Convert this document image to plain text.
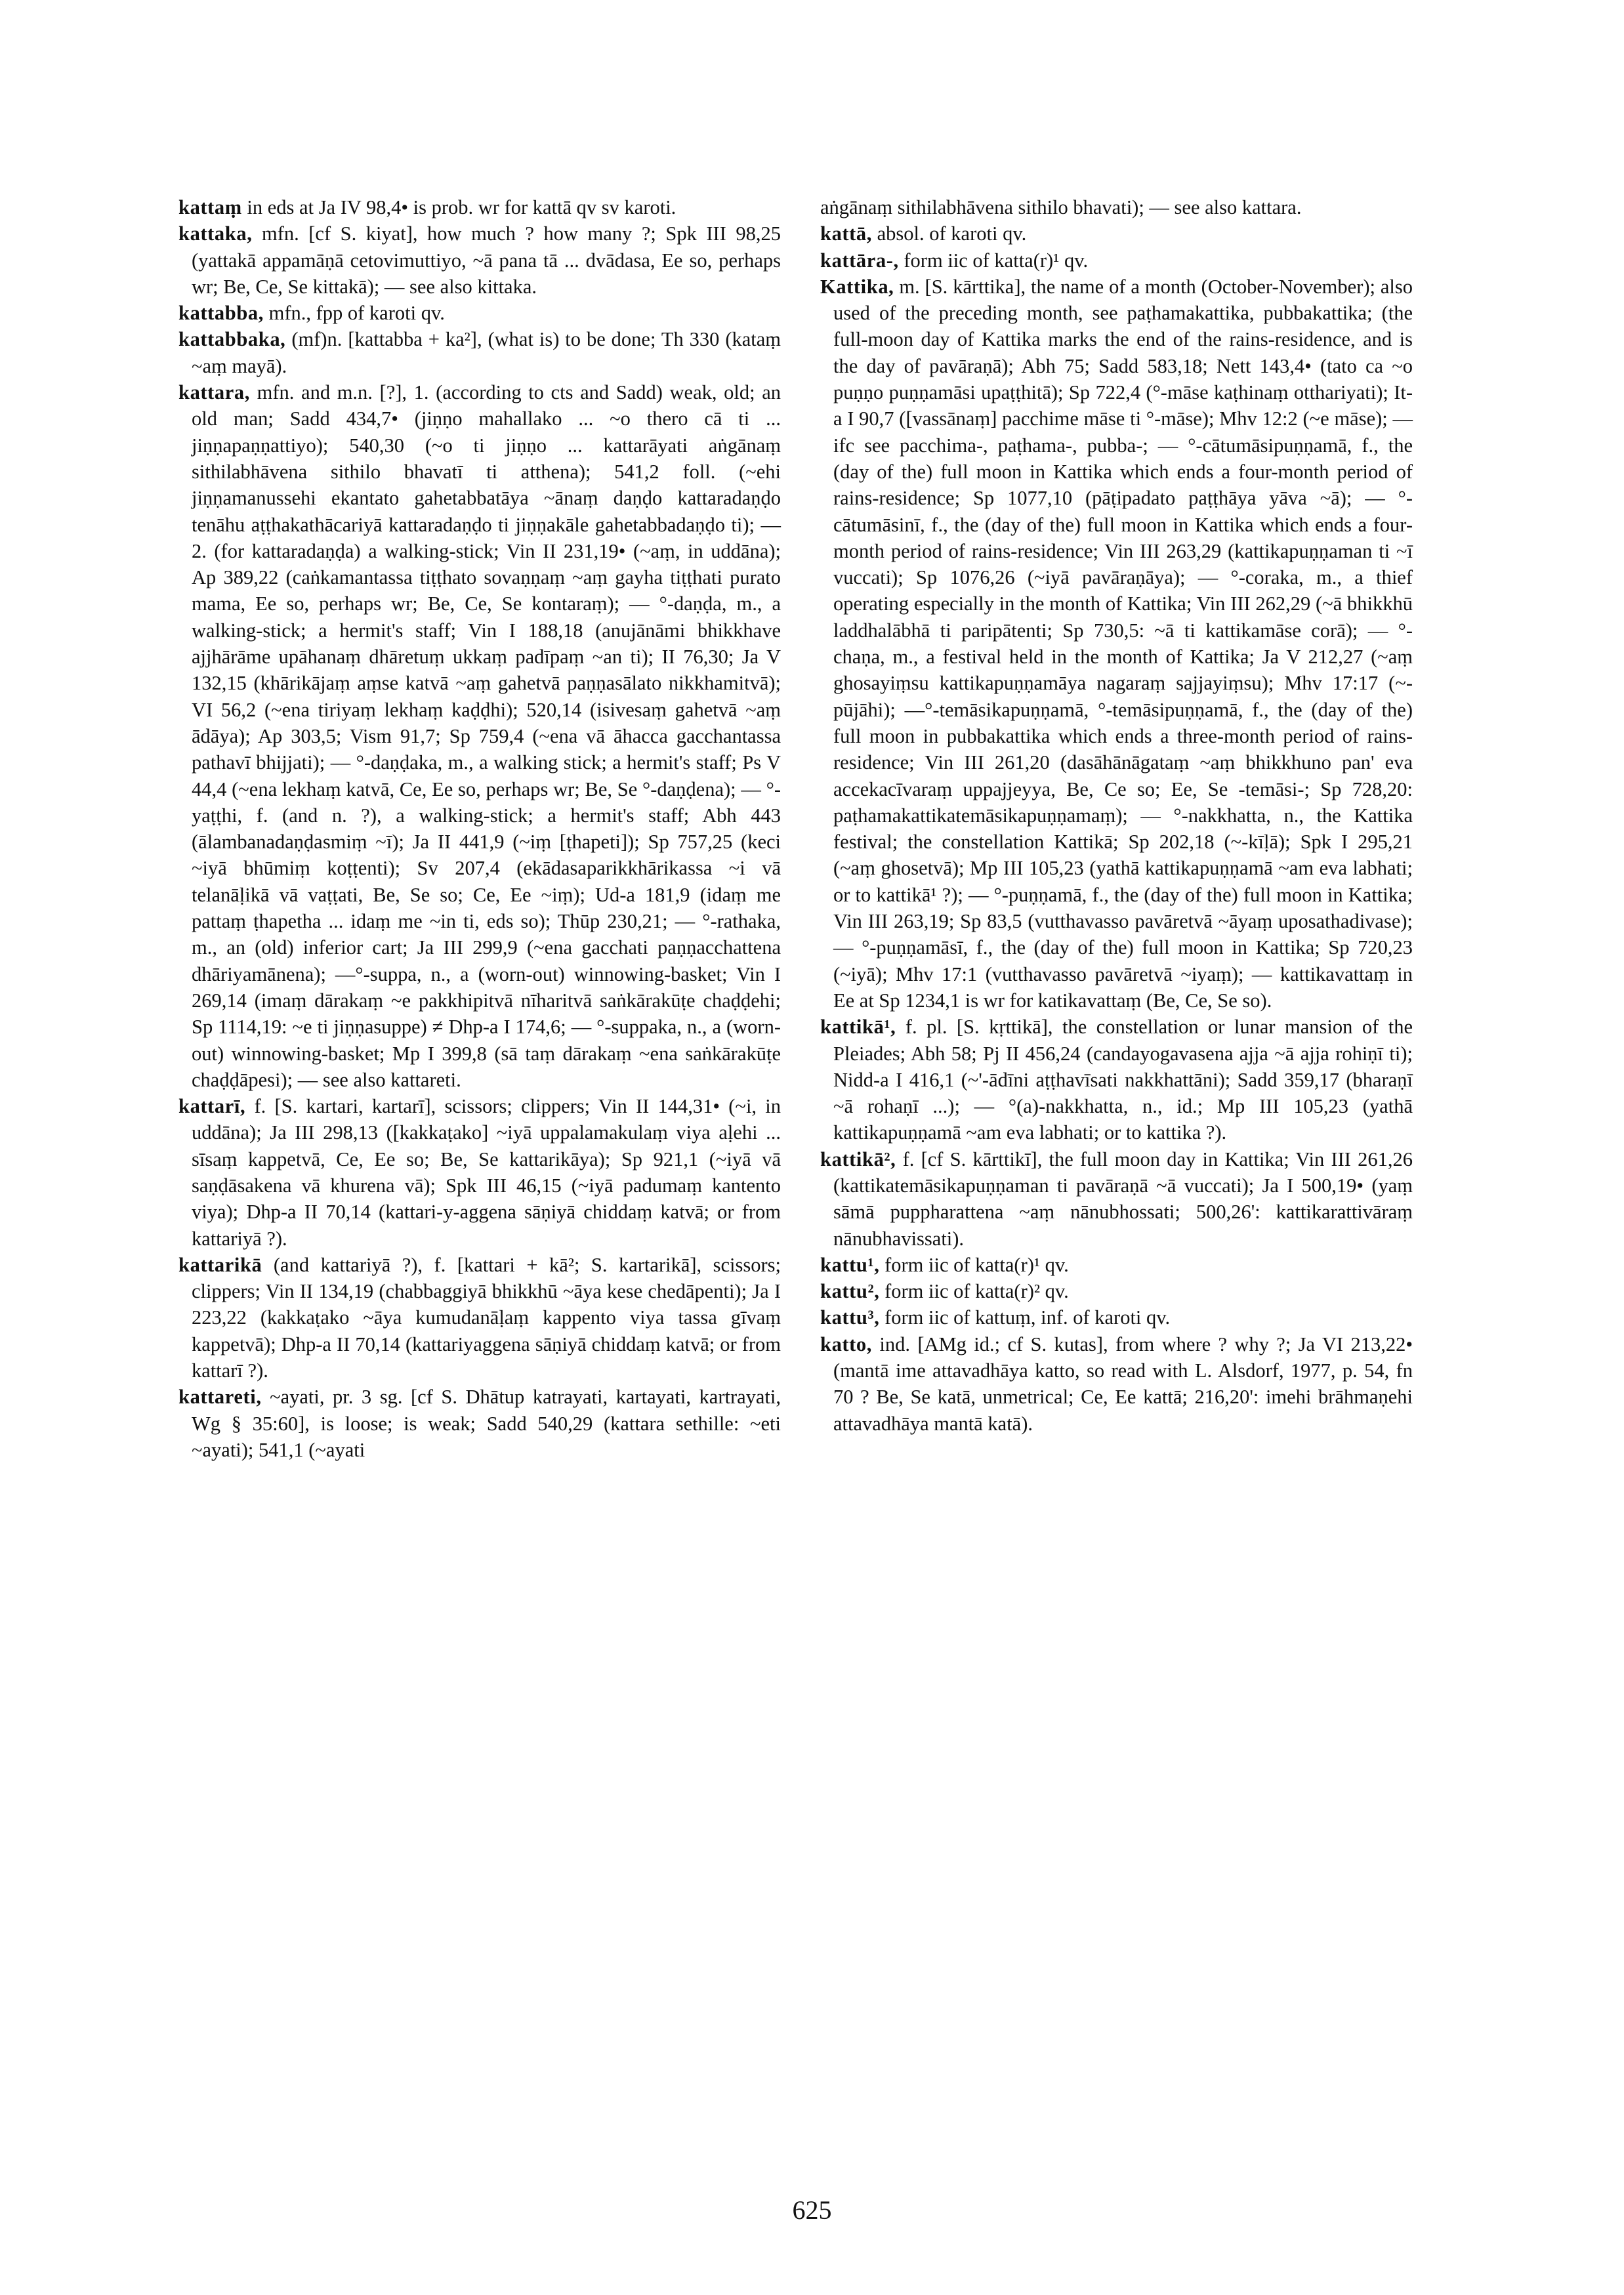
kattaṃ in eds at Ja IV 98,4• is prob. wr for kattā qv sv karoti.

kattaka, mfn. [cf S. kiyat], how much ? how many ?; Spk III 98,25 (yattakā appamāṇā cetovimuttiyo, ~ā pana tā ... dvādasa, Ee so, perhaps wr; Be, Ce, Se kittakā); — see also kittaka.

kattabba, mfn., fpp of karoti qv.

kattabbaka, (mf)n. [kattabba + ka²], (what is) to be done; Th 330 (kataṃ ~aṃ mayā).

kattara, mfn. and m.n. [?], 1. (according to cts and Sadd) weak, old; an old man; Sadd 434,7• (jiṇṇo mahallako ... ~o thero cā ti ... jiṇṇapaṇṇattiyo); 540,30 (~o ti jiṇṇo ... kattarāyati aṅgānaṃ sithilabhāvena sithilo bhavatī ti atthena); 541,2 foll. (~ehi jiṇṇamanussehi ekantato gahetabbatāya ~ānaṃ daṇḍo kattaradaṇḍo tenāhu aṭṭhakathācariyā kattaradaṇḍo ti jiṇṇakāle gahetabbadaṇḍo ti); — 2. (for kattaradaṇḍa) a walking-stick; Vin II 231,19• (~aṃ, in uddāna); Ap 389,22 (caṅkamantassa tiṭṭhato sovaṇṇaṃ ~aṃ gayha tiṭṭhati purato mama, Ee so, perhaps wr; Be, Ce, Se kontaraṃ); — °-daṇḍa, m., a walking-stick; a hermit's staff; Vin I 188,18 (anujānāmi bhikkhave ajjhārāme upāhanaṃ dhāretuṃ ukkaṃ padīpaṃ ~an ti); II 76,30; Ja V 132,15 (khārikājaṃ aṃse katvā ~aṃ gahetvā paṇṇasālato nikkhamitvā); VI 56,2 (~ena tiriyaṃ lekhaṃ kaḍḍhi); 520,14 (isivesaṃ gahetvā ~aṃ ādāya); Ap 303,5; Vism 91,7; Sp 759,4 (~ena vā āhacca gacchantassa pathavī bhijjati); — °-daṇḍaka, m., a walking stick; a hermit's staff; Ps V 44,4 (~ena lekhaṃ katvā, Ce, Ee so, perhaps wr; Be, Se °-daṇḍena); — °-yaṭṭhi, f. (and n. ?), a walking-stick; a hermit's staff; Abh 443 (ālambanadaṇḍasmiṃ ~ī); Ja II 441,9 (~iṃ [ṭhapeti]); Sp 757,25 (keci ~iyā bhūmiṃ koṭṭenti); Sv 207,4 (ekādasaparikkhārikassa ~i vā telanāḷikā vā vaṭṭati, Be, Se so; Ce, Ee ~iṃ); Ud-a 181,9 (idaṃ me pattaṃ ṭhapetha ... idaṃ me ~in ti, eds so); Thūp 230,21; — °-rathaka, m., an (old) inferior cart; Ja III 299,9 (~ena gacchati paṇṇacchattena dhāriyamānena); —°-suppa, n., a (worn-out) winnowing-basket; Vin I 269,14 (imaṃ dārakaṃ ~e pakkhipitvā nīharitvā saṅkārakūṭe chaḍḍehi; Sp 1114,19: ~e ti jiṇṇasuppe) ≠ Dhp-a I 174,6; — °-suppaka, n., a (worn-out) winnowing-basket; Mp I 399,8 (sā taṃ dārakaṃ ~ena saṅkārakūṭe chaḍḍāpesi); — see also kattareti.

kattarī, f. [S. kartari, kartarī], scissors; clippers; Vin II 144,31• (~i, in uddāna); Ja III 298,13 ([kakkaṭako] ~iyā uppalamakulaṃ viya aḷehi ... sīsaṃ kappetvā, Ce, Ee so; Be, Se kattarikāya); Sp 921,1 (~iyā vā saṇḍāsakena vā khurena vā); Spk III 46,15 (~iyā padumaṃ kantento viya); Dhp-a II 70,14 (kattari-y-aggena sāṇiyā chiddaṃ katvā; or from kattariyā ?).

kattarikā (and kattariyā ?), f. [kattari + kā²; S. kartarikā], scissors; clippers; Vin II 134,19 (chabbaggiyā bhikkhū ~āya kese chedāpenti); Ja I 223,22 (kakkaṭako ~āya kumudanāḷaṃ kappento viya tassa gīvaṃ kappetvā); Dhp-a II 70,14 (kattariyaggena sāṇiyā chiddaṃ katvā; or from kattarī ?).

kattareti, ~ayati, pr. 3 sg. [cf S. Dhātup katrayati, kartayati, kartrayati, Wg § 35:60], is loose; is weak; Sadd 540,29 (kattara sethille: ~eti ~ayati); 541,1 (~ayati

aṅgānaṃ sithilabhāvena sithilo bhavati); — see also kattara.

kattā, absol. of karoti qv.

kattāra-, form iic of katta(r)¹ qv.

Kattika, m. [S. kārttika], the name of a month (October-November); also used of the preceding month, see paṭhamakattika, pubbakattika; (the full-moon day of Kattika marks the end of the rains-residence, and is the day of pavāraṇā); Abh 75; Sadd 583,18; Nett 143,4• (tato ca ~o puṇṇo puṇṇamāsi upaṭṭhitā); Sp 722,4 (°-māse kaṭhinaṃ otthariyati); It-a I 90,7 ([vassānaṃ] pacchime māse ti °-māse); Mhv 12:2 (~e māse); — ifc see pacchima-, paṭhama-, pubba-; — °-cātumāsipuṇṇamā, f., the (day of the) full moon in Kattika which ends a four-month period of rains-residence; Sp 1077,10 (pāṭipadato paṭṭhāya yāva ~ā); — °-cātumāsinī, f., the (day of the) full moon in Kattika which ends a four-month period of rains-residence; Vin III 263,29 (kattikapuṇṇaman ti ~ī vuccati); Sp 1076,26 (~iyā pavāraṇāya); — °-coraka, m., a thief operating especially in the month of Kattika; Vin III 262,29 (~ā bhikkhū laddhalābhā ti paripātenti; Sp 730,5: ~ā ti kattikamāse corā); — °-chaṇa, m., a festival held in the month of Kattika; Ja V 212,27 (~aṃ ghosayiṃsu kattikapuṇṇamāya nagaraṃ sajjayiṃsu); Mhv 17:17 (~-pūjāhi); —°-temāsikapuṇṇamā, °-temāsipuṇṇamā, f., the (day of the) full moon in pubbakattika which ends a three-month period of rains-residence; Vin III 261,20 (dasāhānāgataṃ ~aṃ bhikkhuno pan' eva accekacīvaraṃ uppajjeyya, Be, Ce so; Ee, Se -temāsi-; Sp 728,20: paṭhamakattikatemāsikapuṇṇamaṃ); — °-nakkhatta, n., the Kattika festival; the constellation Kattikā; Sp 202,18 (~-kīḷā); Spk I 295,21 (~aṃ ghosetvā); Mp III 105,23 (yathā kattikapuṇṇamā ~am eva labhati; or to kattikā¹ ?); — °-puṇṇamā, f., the (day of the) full moon in Kattika; Vin III 263,19; Sp 83,5 (vutthavasso pavāretvā ~āyaṃ uposathadivase); — °-puṇṇamāsī, f., the (day of the) full moon in Kattika; Sp 720,23 (~iyā); Mhv 17:1 (vutthavasso pavāretvā ~iyaṃ); — kattikavattaṃ in Ee at Sp 1234,1 is wr for katikavattaṃ (Be, Ce, Se so).

kattikā¹, f. pl. [S. kṛttikā], the constellation or lunar mansion of the Pleiades; Abh 58; Pj II 456,24 (candayogavasena ajja ~ā ajja rohiṇī ti); Nidd-a I 416,1 (~'-ādīni aṭṭhavīsati nakkhattāni); Sadd 359,17 (bharaṇī ~ā rohaṇī ...); — °(a)-nakkhatta, n., id.; Mp III 105,23 (yathā kattikapuṇṇamā ~am eva labhati; or to kattika ?).

kattikā², f. [cf S. kārttikī], the full moon day in Kattika; Vin III 261,26 (kattikatemāsikapuṇṇaman ti pavāraṇā ~ā vuccati); Ja I 500,19• (yaṃ sāmā puppharattena ~aṃ nānubhossati; 500,26': kattikarattivāraṃ nānubhavissati).

kattu¹, form iic of katta(r)¹ qv.

kattu², form iic of katta(r)² qv.

kattu³, form iic of kattuṃ, inf. of karoti qv.

katto, ind. [AMg id.; cf S. kutas], from where ? why ?; Ja VI 213,22• (mantā ime attavadhāya katto, so read with L. Alsdorf, 1977, p. 54, fn 70 ? Be, Se katā, unmetrical; Ce, Ee kattā; 216,20': imehi brāhmaṇehi attavadhāya mantā katā).

625
